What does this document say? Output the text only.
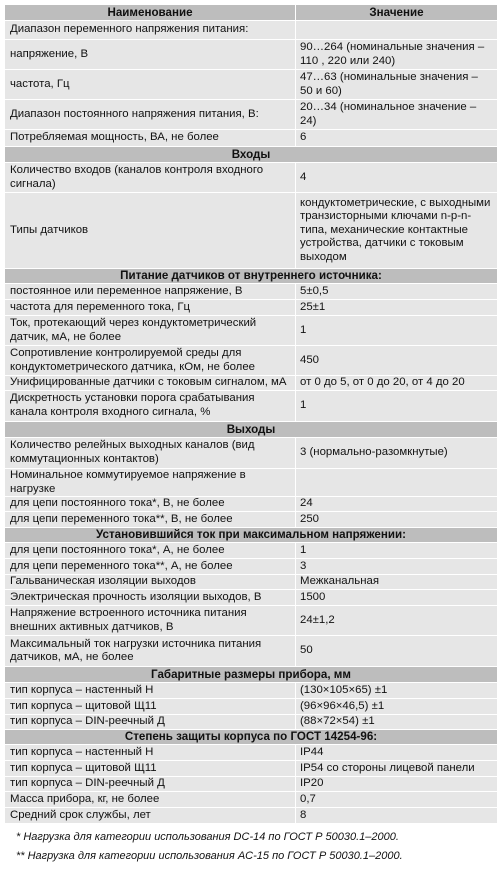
Наименование	Значение
Диапазон переменного напряжения питания:	
напряжение, В	90…264 (номинальные значения – 110 , 220 или 240)
частота, Гц	47…63 (номинальные значения – 50 и 60)
Диапазон постоянного напряжения питания, В:	20…34 (номинальное значение – 24)
Потребляемая мощность, ВА, не более	6
Входы	
Количество входов (каналов контроля входного сигнала)	4
Типы датчиков	кондуктометрические, с выходными транзисторными ключами n-p-n-типа, механические контактные устройства, датчики с токовым выходом
Питание датчиков от внутреннего источника:	
постоянное или переменное напряжение, В	5±0,5
частота для переменного тока, Гц	25±1
Ток, протекающий через кондуктометрический датчик, мА, не более	1
Сопротивление контролируемой среды для кондуктометрического датчика, кОм, не более	450
Унифицированные датчики с токовым сигналом, мА	от 0 до 5, от 0 до 20, от 4 до 20
Дискретность установки порога срабатывания канала контроля входного сигнала, %	1
Выходы	
Количество релейных выходных каналов (вид коммутационных контактов)	3 (нормально-разомкнутые)
Номинальное коммутируемое напряжение в нагрузке	
для цепи постоянного тока*, В, не более	24
для цепи переменного тока**, В, не более	250
Установившийся ток при максимальном напряжении:	
для цепи постоянного тока*, А, не более	1
для цепи переменного тока**, А, не более	3
Гальваническая изоляции выходов	Межканальная
Электрическая прочность изоляции выходов, В	1500
Напряжение встроенного источника питания внешних активных датчиков, В	24±1,2
Максимальный ток нагрузки источника питания датчиков, мА, не более	50
Габаритные размеры прибора, мм	
тип корпуса – настенный Н	(130×105×65) ±1
тип корпуса – щитовой Щ11	(96×96×46,5) ±1
тип корпуса – DIN-реечный Д	(88×72×54) ±1
Степень защиты корпуса по ГОСТ 14254-96:	
тип корпуса – настенный Н	IP44
тип корпуса – щитовой Щ11	IP54 со стороны лицевой панели
тип корпуса – DIN-реечный Д	IP20
Масса прибора, кг, не более	0,7
Средний срок службы, лет	8
* Нагрузка для категории использования DC-14 по ГОСТ Р 50030.1–2000.
** Нагрузка для категории использования AC-15 по ГОСТ Р 50030.1–2000.
